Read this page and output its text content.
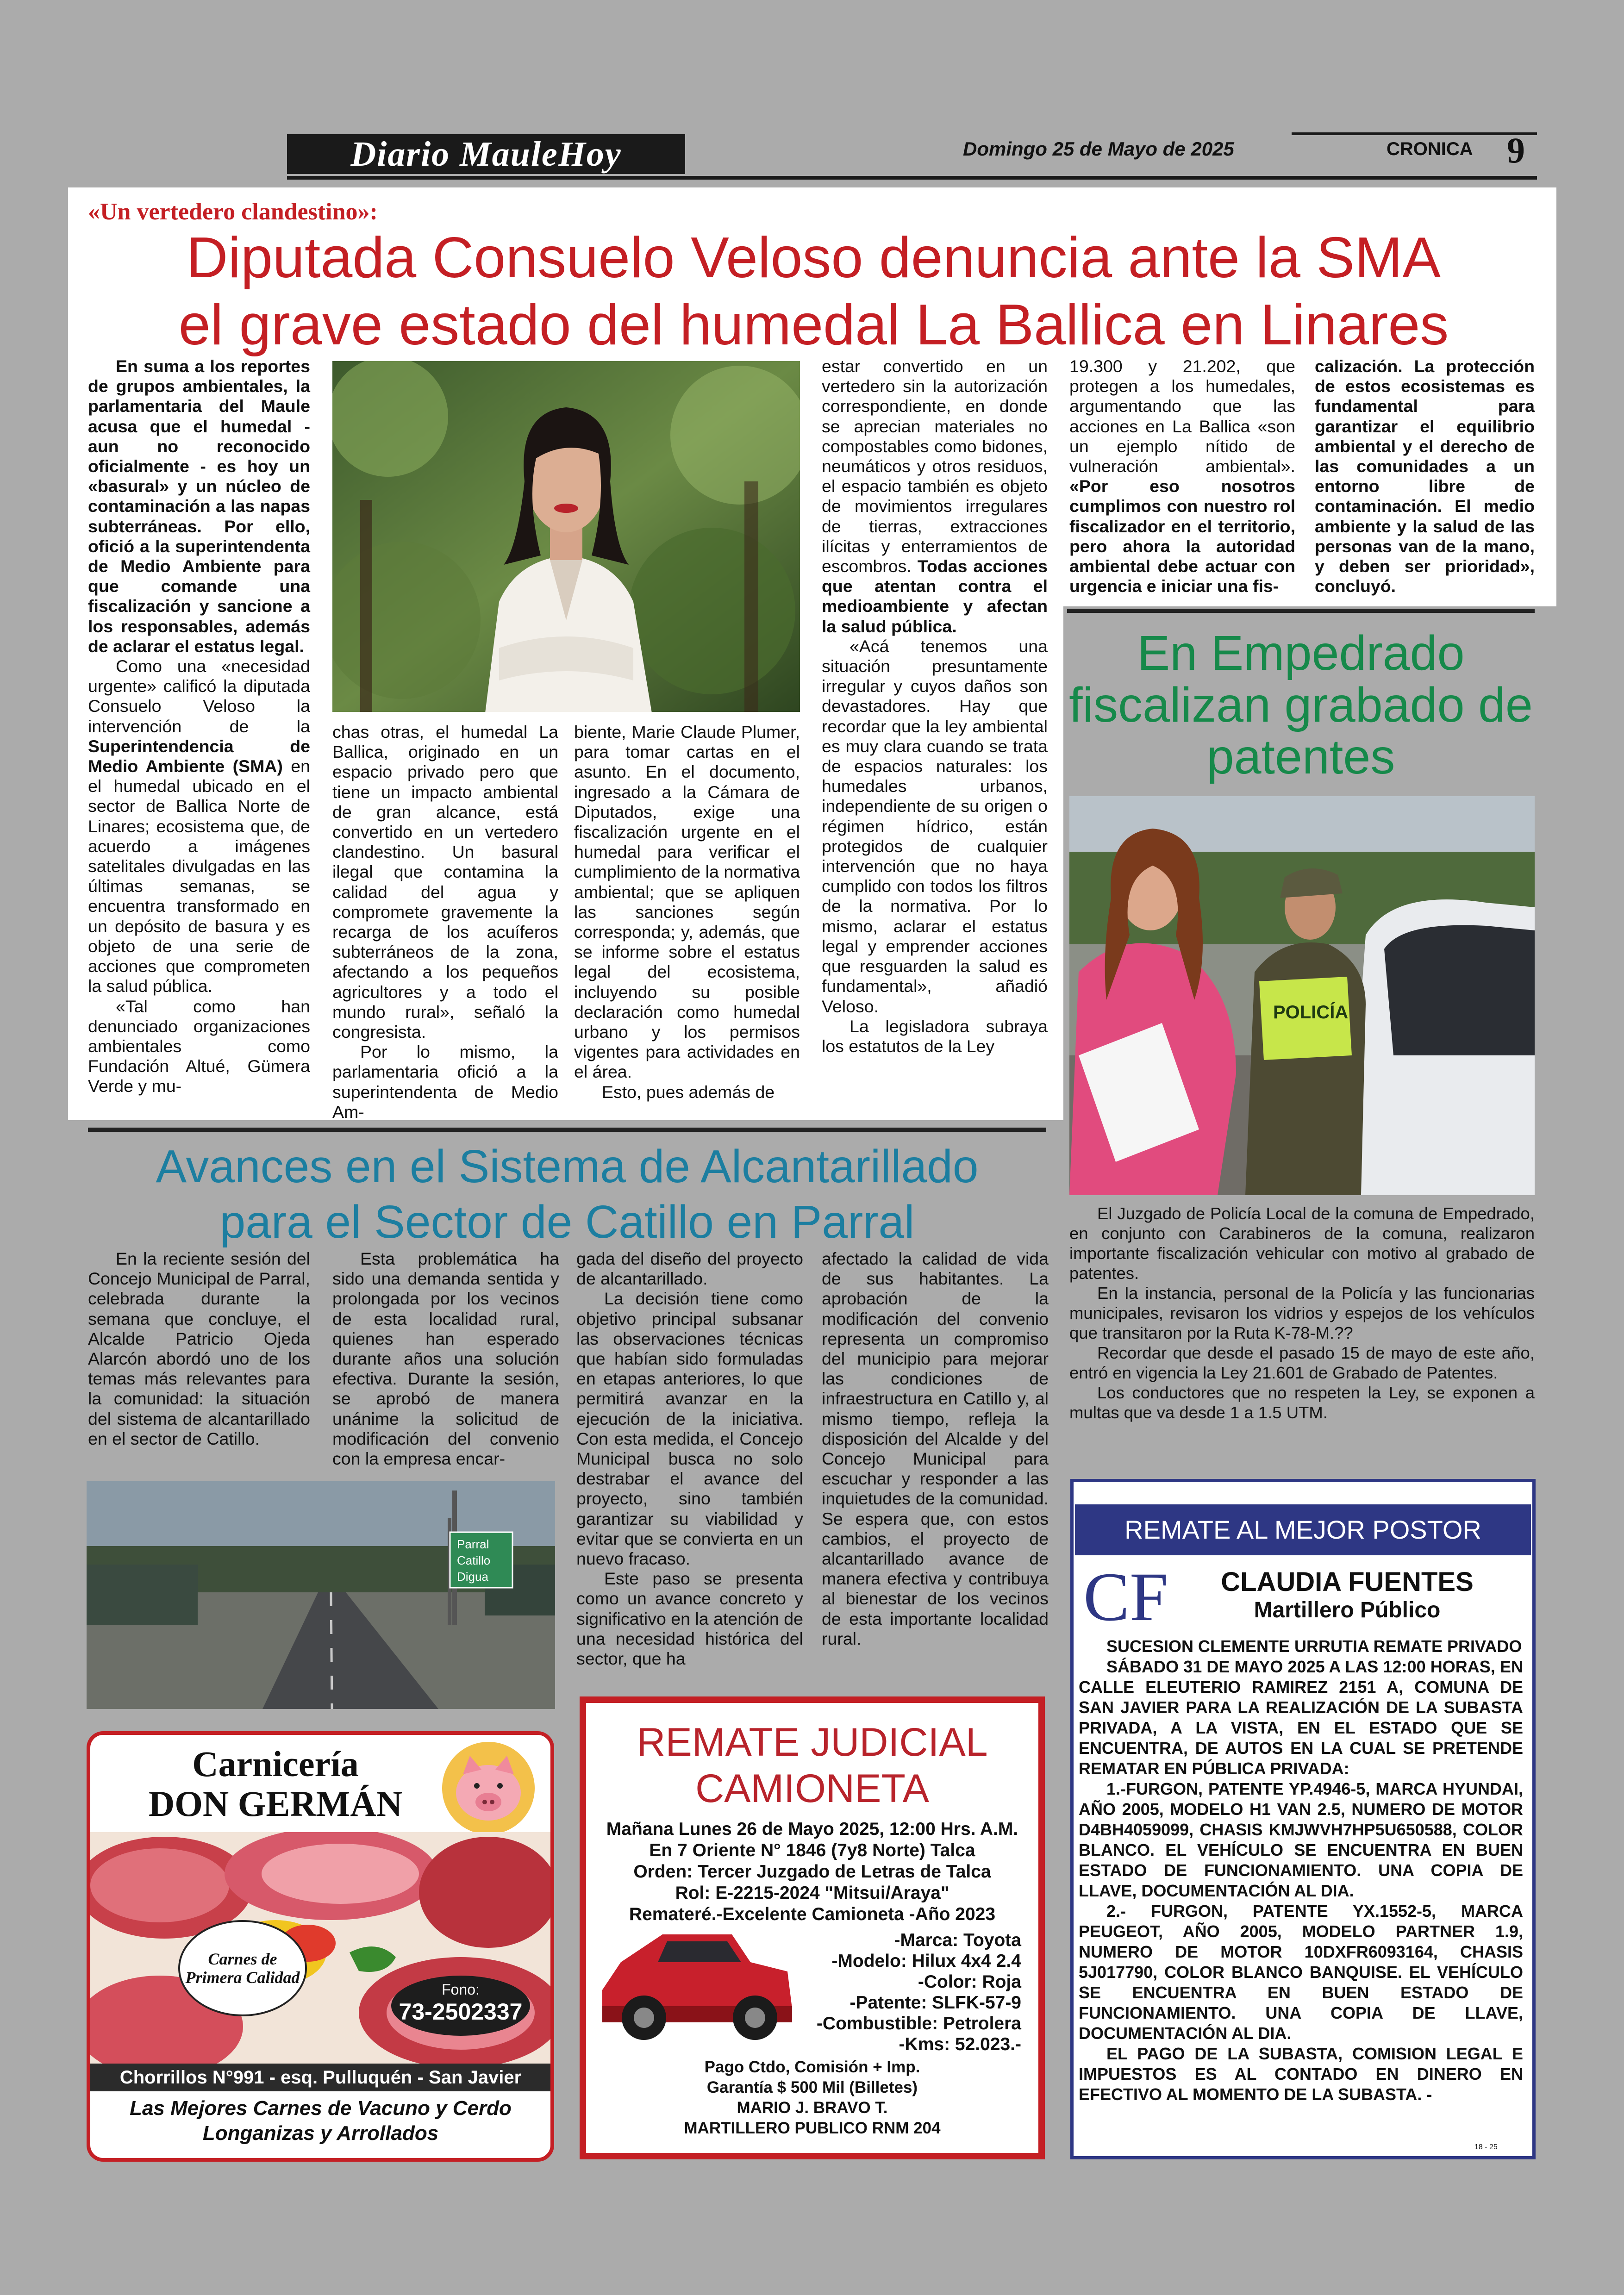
Diario MauleHoy	Domingo 25 de Mayo de 2025	CRONICA 9
«Un vertedero clandestino»:
Diputada Consuelo Veloso denuncia ante la SMA
el grave estado del humedal La Ballica en Linares

En suma a los reportes de grupos ambientales, la parlamentaria del Maule acusa que el humedal - aun no reconocido oficialmente - es hoy un «basural» y un núcleo de contaminación a las napas subterráneas. Por ello, ofició a la superintendenta de Medio Ambiente para que comande una fiscalización y sancione a los responsables, además de aclarar el estatus legal.

Como una «necesidad urgente» calificó la diputada Consuelo Veloso la intervención de la Superintendencia de Medio Ambiente (SMA) en el humedal ubicado en el sector de Ballica Norte de Linares; ecosistema que, de acuerdo a imágenes satelitales divulgadas en las últimas semanas, se encuentra transformado en un depósito de basura y es objeto de una serie de acciones que comprometen la salud pública.

«Tal como han denunciado organizaciones ambientales como Fundación Altué, Gümera Verde y mu-

chas otras, el humedal La Ballica, originado en un espacio privado pero que tiene un impacto ambiental de gran alcance, está convertido en un vertedero clandestino. Un basural ilegal que contamina la calidad del agua y compromete gravemente la recarga de los acuíferos subterráneos de la zona, afectando a los pequeños agricultores y a todo el mundo rural», señaló la congresista.

Por lo mismo, la parlamentaria ofició a la superintendenta de Medio Am-

biente, Marie Claude Plumer, para tomar cartas en el asunto. En el documento, ingresado a la Cámara de Diputados, exige una fiscalización urgente en el humedal para verificar el cumplimiento de la normativa ambiental; que se apliquen las sanciones según corresponda; y, además, que se informe sobre el estatus legal del ecosistema, incluyendo su posible declaración como humedal urbano y los permisos vigentes para actividades en el área.

Esto, pues además de

estar convertido en un vertedero sin la autorización correspondiente, en donde se aprecian materiales no compostables como bidones, neumáticos y otros residuos, el espacio también es objeto de movimientos irregulares de tierras, extracciones ilícitas y enterramientos de escombros. Todas acciones que atentan contra el medioambiente y afectan la salud pública.

«Acá tenemos una situación presuntamente irregular y cuyos daños son devastadores. Hay que recordar que la ley ambiental es muy clara cuando se trata de espacios naturales: los humedales urbanos, independiente de su origen o régimen hídrico, están protegidos de cualquier intervención que no haya cumplido con todos los filtros de la normativa. Por lo mismo, aclarar el estatus legal y emprender acciones que resguarden la salud es fundamental», añadió Veloso.

La legisladora subraya los estatutos de la Ley

19.300 y 21.202, que protegen a los humedales, argumentando que las acciones en La Ballica «son un ejemplo nítido de vulneración ambiental». «Por eso nosotros cumplimos con nuestro rol fiscalizador en el territorio, pero ahora la autoridad ambiental debe actuar con urgencia e iniciar una fis-

calización. La protección de estos ecosistemas es fundamental para garantizar el equilibrio ambiental y el derecho de las comunidades a un entorno libre de contaminación. El medio ambiente y la salud de las personas van de la mano, y deben ser prioridad», concluyó.

En Empedrado fiscalizan grabado de patentes
POLICÍA

El Juzgado de Policía Local de la comuna de Empedrado, en conjunto con Carabineros de la comuna, realizaron importante fiscalización vehicular con motivo al grabado de patentes.

En la instancia, personal de la Policía y las funcionarias municipales, revisaron los vidrios y espejos de los vehículos que transitaron por la Ruta K-78-M.??

Recordar que desde el pasado 15 de mayo de este año, entró en vigencia la Ley 21.601 de Grabado de Patentes.

Los conductores que no respeten la Ley, se exponen a multas que va desde 1 a 1.5 UTM.

Avances en el Sistema de Alcantarillado
para el Sector de Catillo en Parral

En la reciente sesión del Concejo Municipal de Parral, celebrada durante la semana que concluye, el Alcalde Patricio Ojeda Alarcón abordó uno de los temas más relevantes para la comunidad: la situación del sistema de alcantarillado en el sector de Catillo.

Esta problemática ha sido una demanda sentida y prolongada por los vecinos de esta localidad rural, quienes han esperado durante años una solución efectiva. Durante la sesión, se aprobó de manera unánime la solicitud de modificación del convenio con la empresa encar-

gada del diseño del proyecto de alcantarillado.

La decisión tiene como objetivo principal subsanar las observaciones técnicas que habían sido formuladas en etapas anteriores, lo que permitirá avanzar en la ejecución de la iniciativa. Con esta medida, el Concejo Municipal busca no solo destrabar el avance del proyecto, sino también garantizar su viabilidad y evitar que se convierta en un nuevo fracaso.

Este paso se presenta como un avance concreto y significativo en la atención de una necesidad histórica del sector, que ha

afectado la calidad de vida de sus habitantes. La aprobación de la modificación del convenio representa un compromiso del municipio para mejorar las condiciones de infraestructura en Catillo y, al mismo tiempo, refleja la disposición del Alcalde y del Concejo Municipal para escuchar y responder a las inquietudes de la comunidad. Se espera que, con estos cambios, el proyecto de alcantarillado avance de manera efectiva y contribuya al bienestar de los vecinos de esta importante localidad rural.

Parral
Catillo
Digua
Carnicería
DON GERMÁN
Carnes de Primera Calidad
Fono:
73-2502337
Chorrillos N°991 - esq. Pulluquén - San Javier
Las Mejores Carnes de Vacuno y Cerdo
Longanizas y Arrollados
REMATE JUDICIAL
CAMIONETA
Mañana Lunes 26 de Mayo 2025, 12:00 Hrs. A.M.
En 7 Oriente N° 1846 (7y8 Norte) Talca
Orden: Tercer Juzgado de Letras de Talca
Rol: E-2215-2024 "Mitsui/Araya"
Remateré.-Excelente Camioneta -Año 2023
-Marca: Toyota
-Modelo: Hilux 4x4 2.4
-Color: Roja
-Patente: SLFK-57-9
-Combustible: Petrolera
-Kms: 52.023.-
Pago Ctdo, Comisión + Imp.
Garantía $ 500 Mil (Billetes)
MARIO J. BRAVO T.
MARTILLERO PUBLICO RNM 204
REMATE AL MEJOR POSTOR
CF	CLAUDIA FUENTES
Martillero Público

SUCESION CLEMENTE URRUTIA REMATE PRIVADO

SÁBADO 31 DE MAYO 2025 A LAS 12:00 HORAS, EN CALLE ELEUTERIO RAMIREZ 2151 A, COMUNA DE SAN JAVIER PARA LA REALIZACIÓN DE LA SUBASTA PRIVADA, A LA VISTA, EN EL ESTADO QUE SE ENCUENTRA, DE AUTOS EN LA CUAL SE PRETENDE REMATAR EN PÚBLICA PRIVADA:

1.-FURGON, PATENTE YP.4946-5, MARCA HYUNDAI, AÑO 2005, MODELO H1 VAN 2.5, NUMERO DE MOTOR D4BH4059099, CHASIS KMJWVH7HP5U650588, COLOR BLANCO. EL VEHÍCULO SE ENCUENTRA EN BUEN ESTADO DE FUNCIONAMIENTO. UNA COPIA DE LLAVE, DOCUMENTACIÓN AL DIA.

2.- FURGON, PATENTE YX.1552-5, MARCA PEUGEOT, AÑO 2005, MODELO PARTNER 1.9, NUMERO DE MOTOR 10DXFR6093164, CHASIS 5J017790, COLOR BLANCO BANQUISE. EL VEHÍCULO SE ENCUENTRA EN BUEN ESTADO DE FUNCIONAMIENTO. UNA COPIA DE LLAVE, DOCUMENTACIÓN AL DIA.

EL PAGO DE LA SUBASTA, COMISION LEGAL E IMPUESTOS ES AL CONTADO EN DINERO EN EFECTIVO AL MOMENTO DE LA SUBASTA. -

18 - 25
